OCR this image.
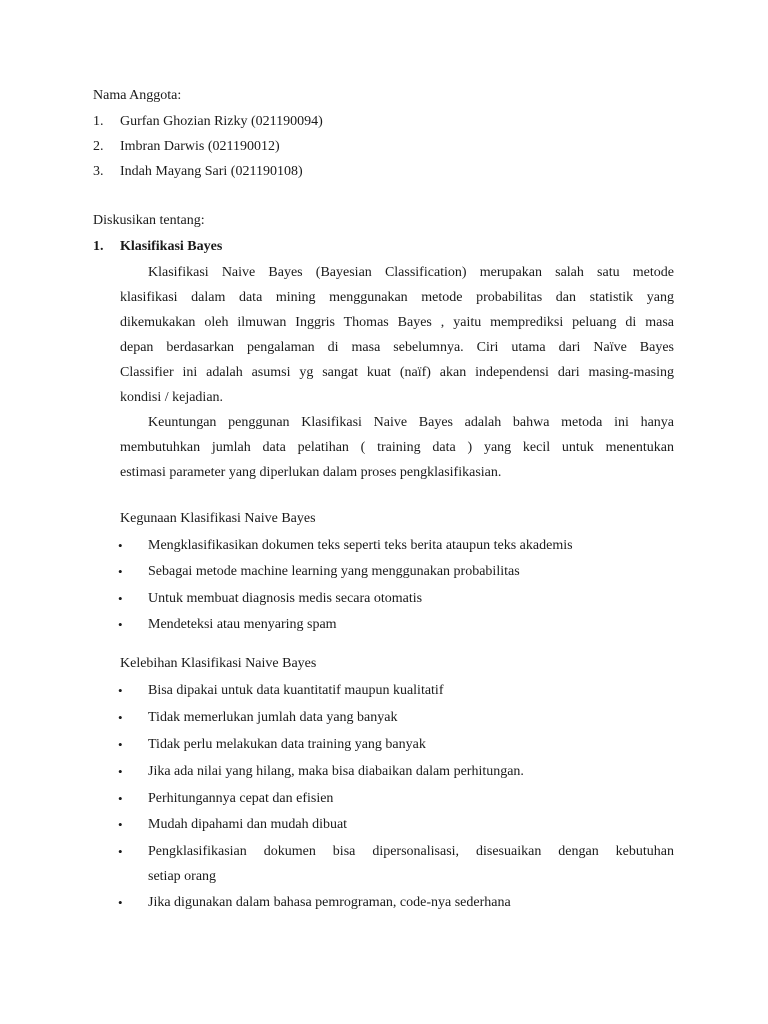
Nama Anggota:
1. Gurfan Ghozian Rizky (021190094)
2. Imbran Darwis (021190012)
3. Indah Mayang Sari (021190108)
Diskusikan tentang:
1. Klasifikasi Bayes
Klasifikasi Naive Bayes (Bayesian Classification) merupakan salah satu metode
klasifikasi dalam data mining menggunakan metode probabilitas dan statistik yang
dikemukakan oleh ilmuwan Inggris Thomas Bayes , yaitu memprediksi peluang di masa
depan berdasarkan pengalaman di masa sebelumnya. Ciri utama dari Naïve Bayes
Classifier ini adalah asumsi yg sangat kuat (naïf) akan independensi dari masing-masing
kondisi / kejadian.
Keuntungan penggunan Klasifikasi Naive Bayes adalah bahwa metoda ini hanya
membutuhkan jumlah data pelatihan ( training data ) yang kecil untuk menentukan
estimasi parameter yang diperlukan dalam proses pengklasifikasian.
Kegunaan Klasifikasi Naive Bayes
• Mengklasifikasikan dokumen teks seperti teks berita ataupun teks akademis
• Sebagai metode machine learning yang menggunakan probabilitas
• Untuk membuat diagnosis medis secara otomatis
• Mendeteksi atau menyaring spam
Kelebihan Klasifikasi Naive Bayes
• Bisa dipakai untuk data kuantitatif maupun kualitatif
• Tidak memerlukan jumlah data yang banyak
• Tidak perlu melakukan data training yang banyak
• Jika ada nilai yang hilang, maka bisa diabaikan dalam perhitungan.
• Perhitungannya cepat dan efisien
• Mudah dipahami dan mudah dibuat
• Pengklasifikasian dokumen bisa dipersonalisasi, disesuaikan dengan kebutuhan
setiap orang
• Jika digunakan dalam bahasa pemrograman, code-nya sederhana
